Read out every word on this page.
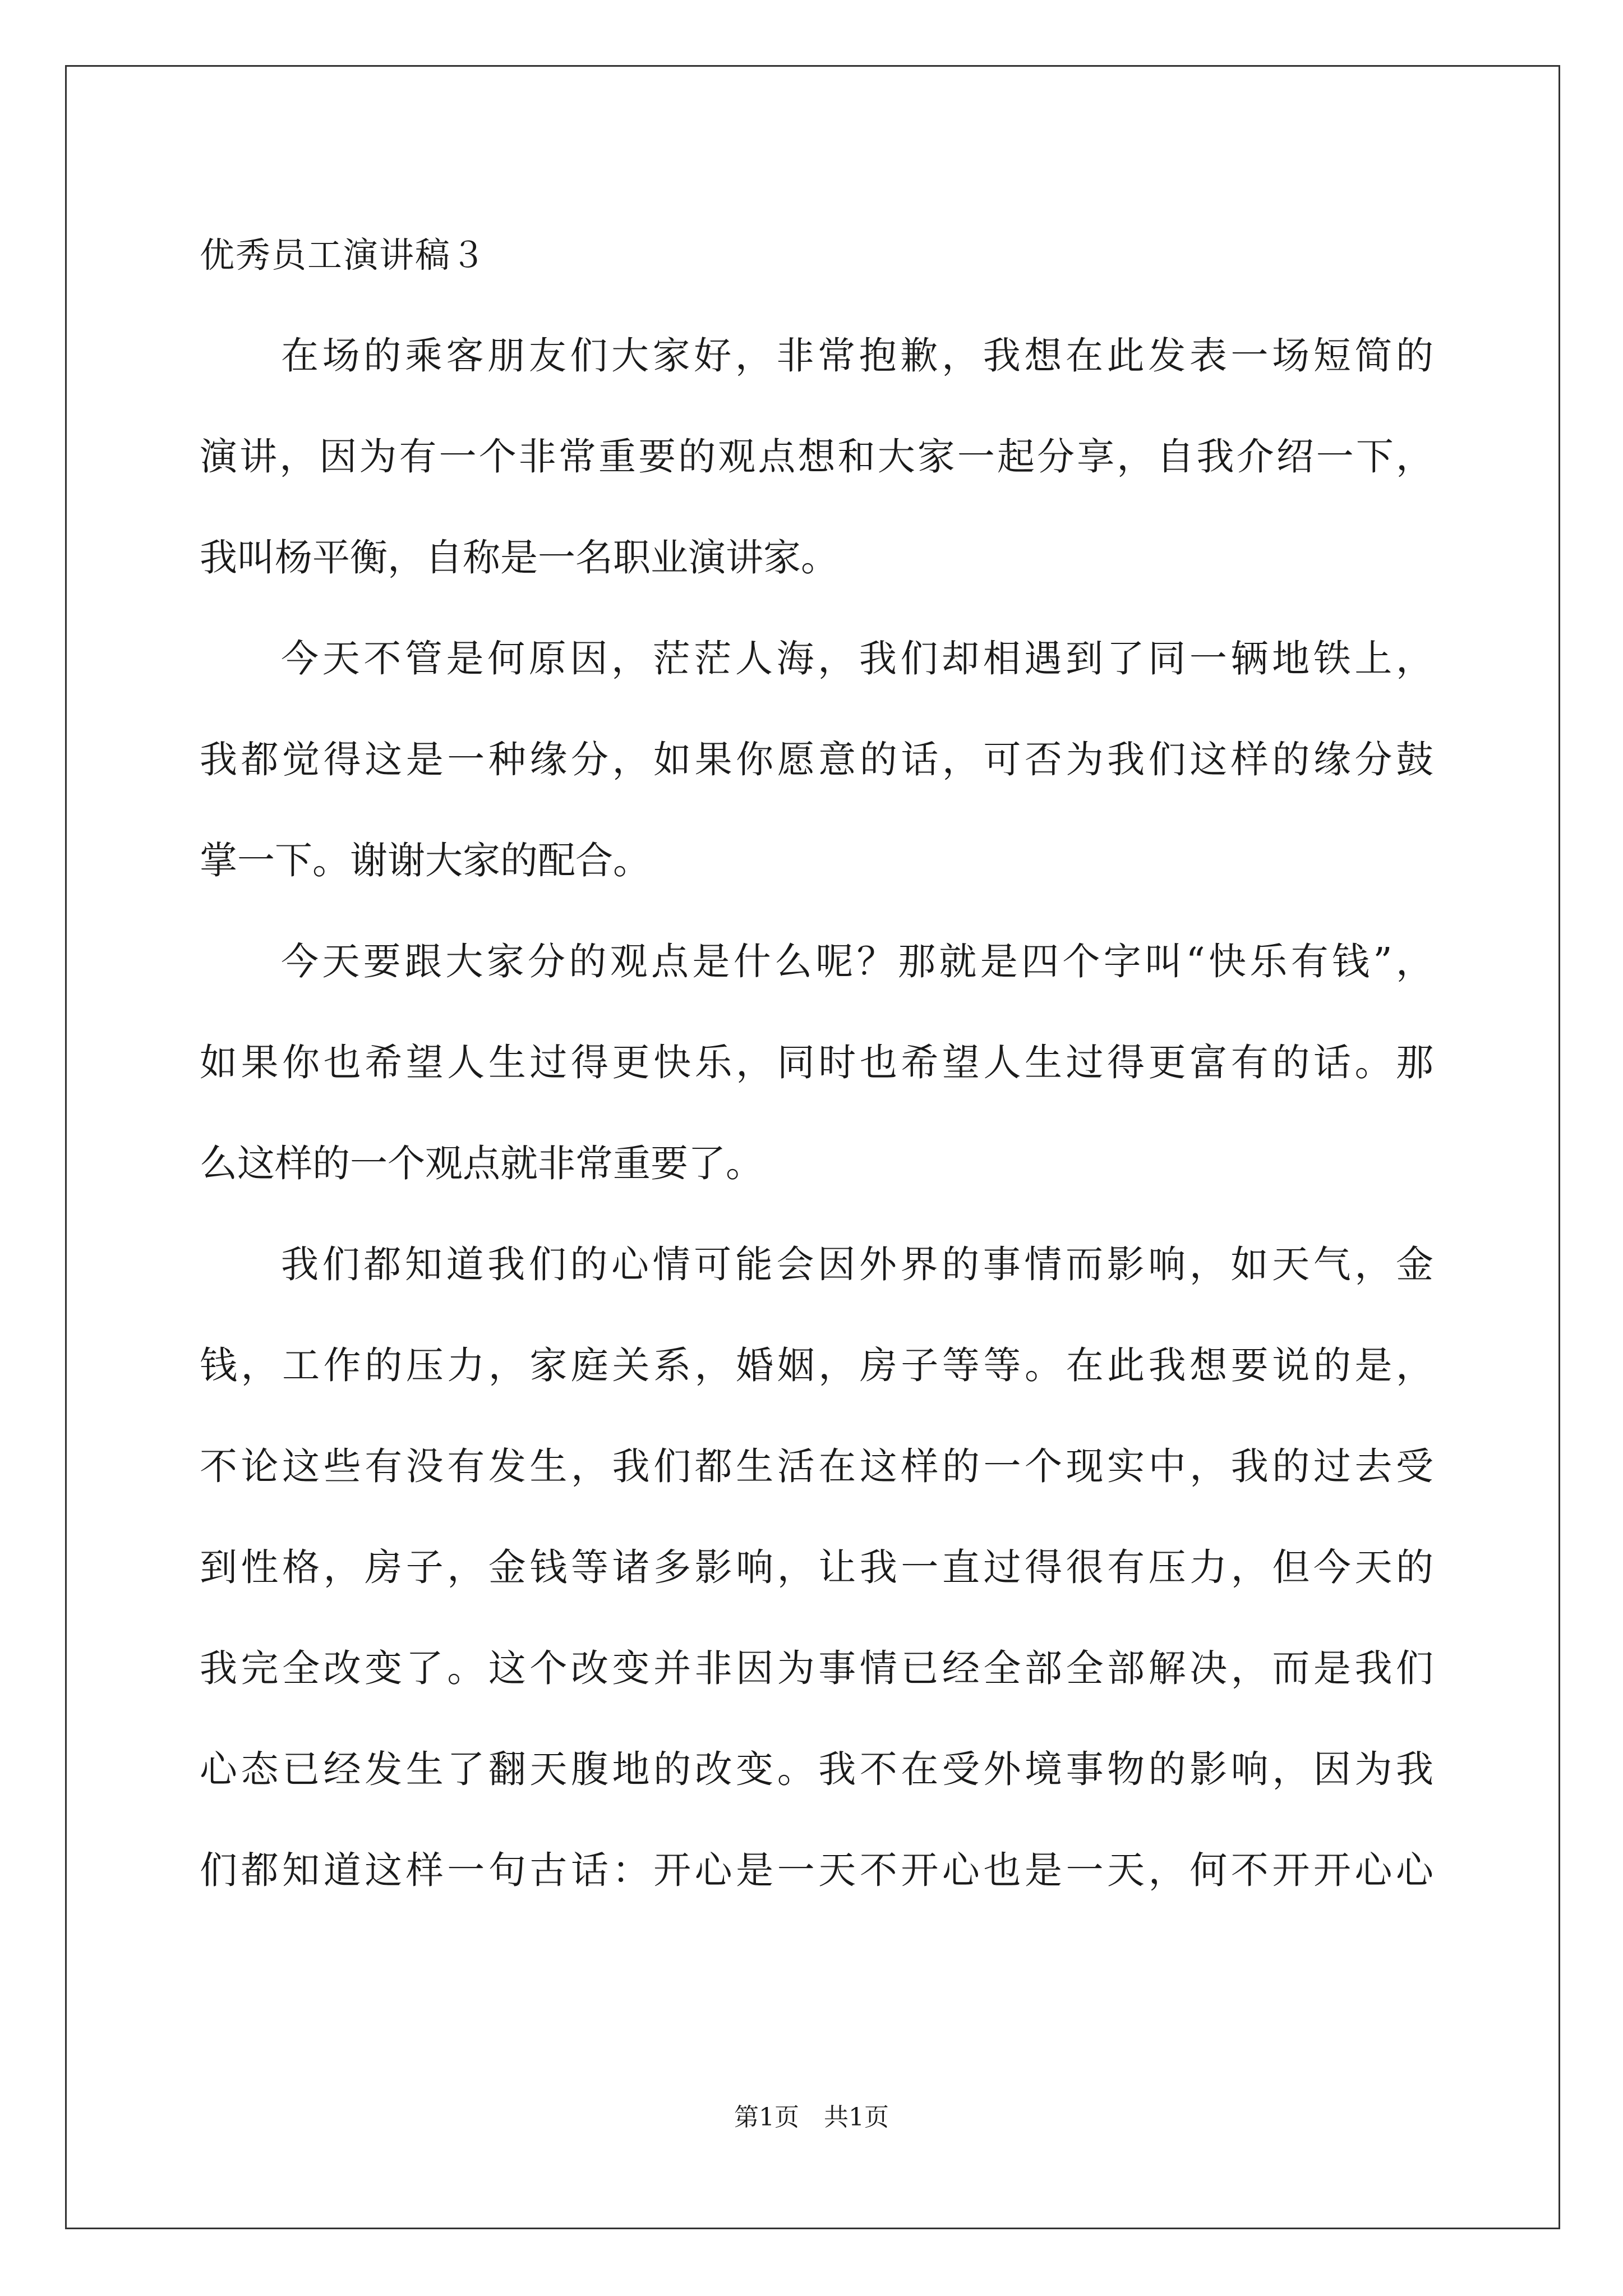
优秀员工演讲稿３

在场的乘客朋友们大家好，非常抱歉，我想在此发表一场短简的

演讲，因为有一个非常重要的观点想和大家一起分享，自我介绍一下，

我叫杨平衡，自称是一名职业演讲家。

今天不管是何原因，茫茫人海，我们却相遇到了同一辆地铁上，

我都觉得这是一种缘分，如果你愿意的话，可否为我们这样的缘分鼓

掌一下。谢谢大家的配合。

今天要跟大家分的观点是什么呢？那就是四个字叫“快乐有钱”，

如果你也希望人生过得更快乐，同时也希望人生过得更富有的话。那

么这样的一个观点就非常重要了。

我们都知道我们的心情可能会因外界的事情而影响，如天气，金

钱，工作的压力，家庭关系，婚姻，房子等等。在此我想要说的是，

不论这些有没有发生，我们都生活在这样的一个现实中，我的过去受

到性格，房子，金钱等诸多影响，让我一直过得很有压力，但今天的

我完全改变了。这个改变并非因为事情已经全部全部解决，而是我们

心态已经发生了翻天腹地的改变。我不在受外境事物的影响，因为我

们都知道这样一句古话：开心是一天不开心也是一天，何不开开心心

第1页　共1页
